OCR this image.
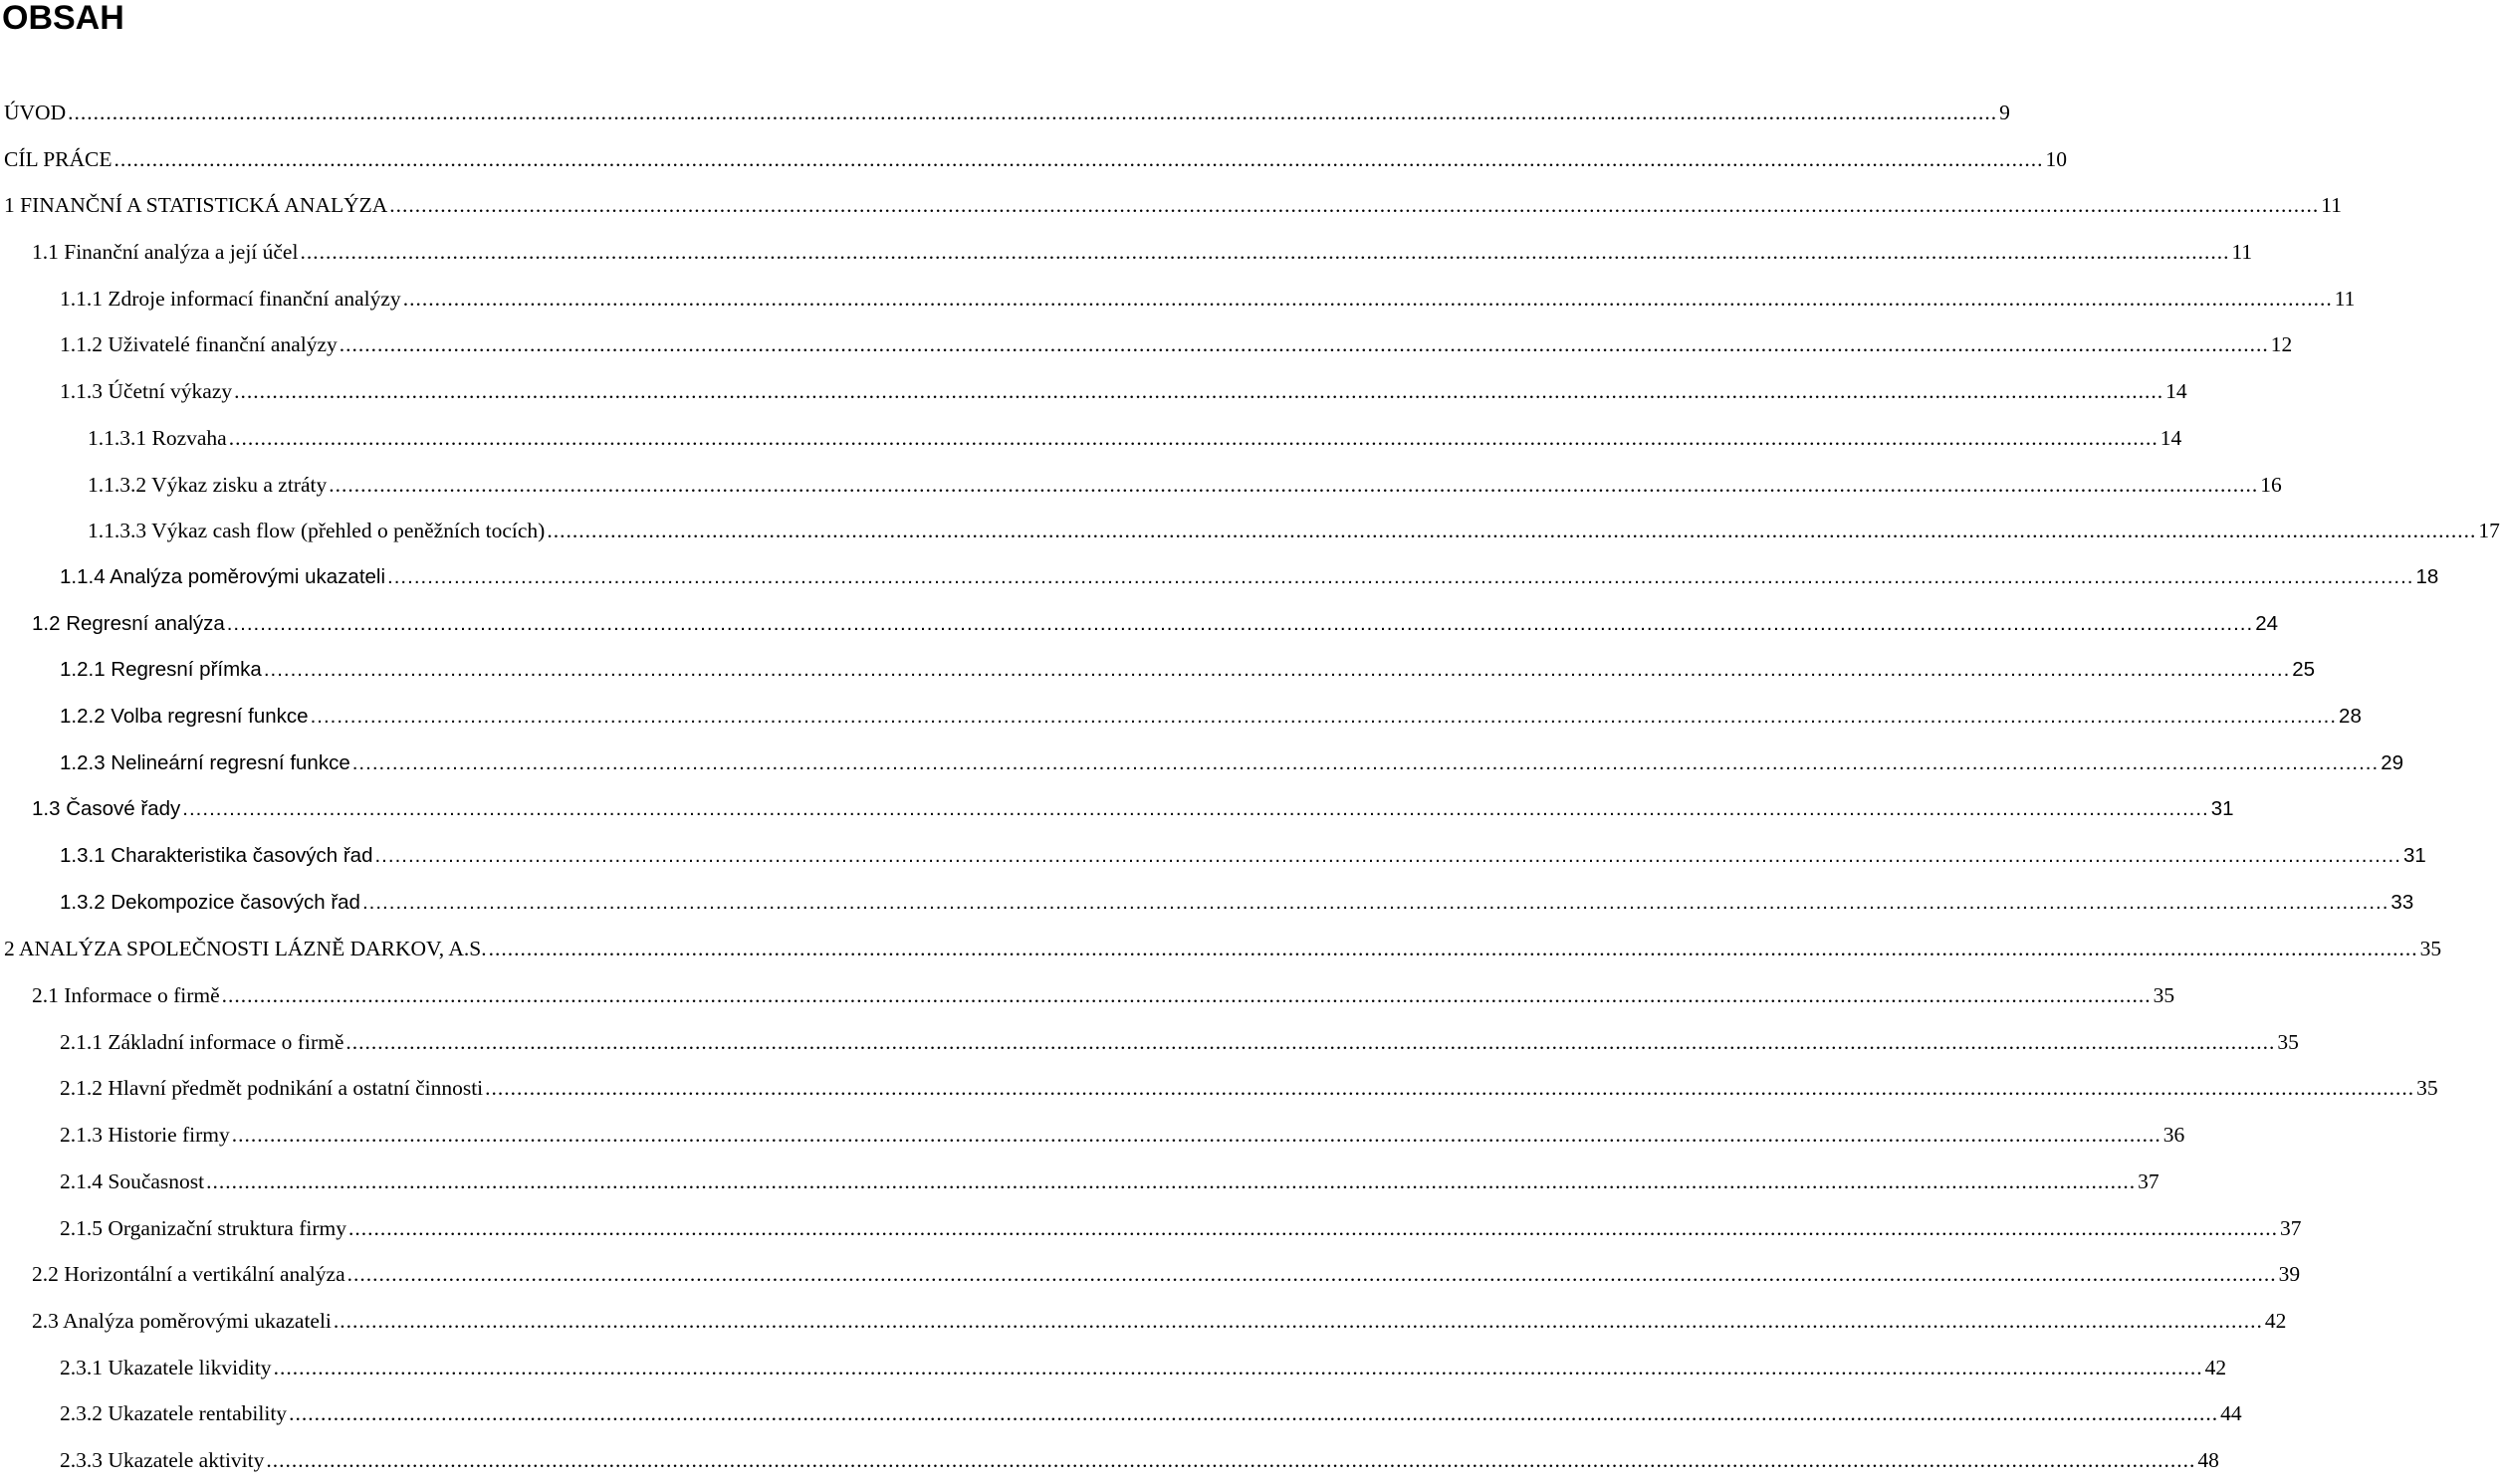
OBSAH
ÚVOD .....	9
CÍL PRÁCE .....	10
1 FINANČNÍ A STATISTICKÁ ANALÝZA .....	11
1.1 Finanční analýza a její účel .....	11
1.1.1 Zdroje informací finanční analýzy .....	11
1.1.2 Uživatelé finanční analýzy .....	12
1.1.3 Účetní výkazy .....	14
1.1.3.1 Rozvaha .....	14
1.1.3.2 Výkaz zisku a ztráty .....	16
1.1.3.3 Výkaz cash flow (přehled o peněžních tocích) .....	17
1.1.4 Analýza poměrovými ukazateli .....	18
1.2 Regresní analýza .....	24
1.2.1 Regresní přímka .....	25
1.2.2 Volba regresní funkce .....	28
1.2.3 Nelineární regresní funkce .....	29
1.3 Časové řady .....	31
1.3.1 Charakteristika časových řad .....	31
1.3.2 Dekompozice časových řad .....	33
2 ANALÝZA SPOLEČNOSTI LÁZNĚ DARKOV, A.S. .....	35
2.1 Informace o firmě .....	35
2.1.1 Základní informace o firmě .....	35
2.1.2 Hlavní předmět podnikání a ostatní činnosti .....	35
2.1.3 Historie firmy .....	36
2.1.4 Současnost .....	37
2.1.5 Organizační struktura firmy .....	37
2.2 Horizontální a vertikální analýza .....	39
2.3 Analýza poměrovými ukazateli .....	42
2.3.1 Ukazatele likvidity .....	42
2.3.2 Ukazatele rentability .....	44
2.3.3 Ukazatele aktivity .....	48
